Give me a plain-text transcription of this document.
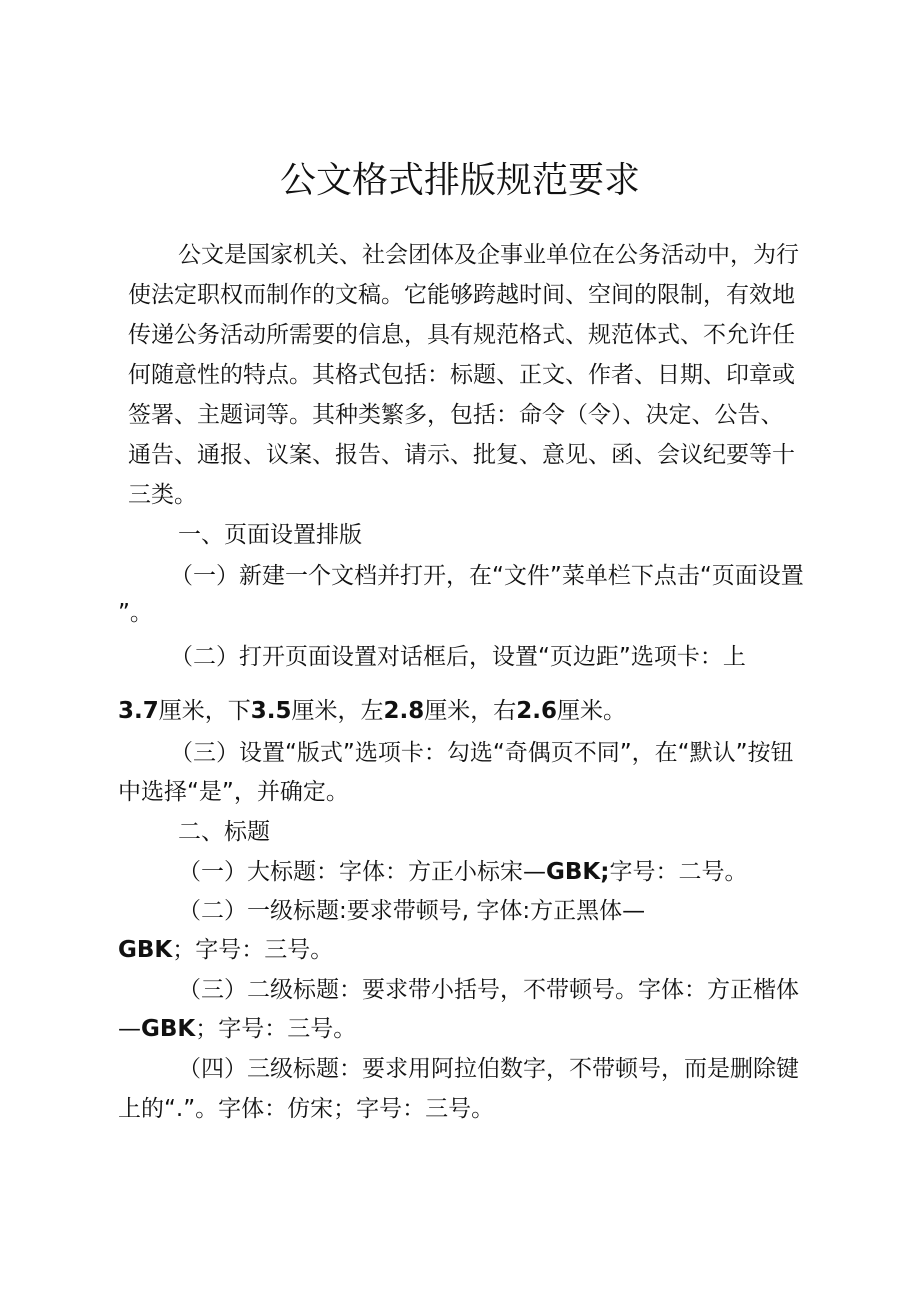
公文格式排版规范要求

公文是国家机关、社会团体及企事业单位在公务活动中，为行

使法定职权而制作的文稿。它能够跨越时间、空间的限制，有效地

传递公务活动所需要的信息，具有规范格式、规范体式、不允许任

何随意性的特点。其格式包括：标题、正文、作者、日期、印章或

签署、主题词等。其种类繁多，包括：命令（令）、决定、公告、

通告、通报、议案、报告、请示、批复、意见、函、会议纪要等十

三类。

一、页面设置排版

（一）新建一个文档并打开，在“文件”菜单栏下点击“页面设置

”。

（二）打开页面设置对话框后，设置“页边距”选项卡：上

3.7厘米，下3.5厘米，左2.8厘米，右2.6厘米。

（三）设置“版式”选项卡：勾选“奇偶页不同”，在“默认”按钮

中选择“是”，并确定。

二、标题

（一）大标题：字体：方正小标宋—GBK;字号：二号。

（二）一级标题:要求带顿号, 字体:方正黑体—

GBK；字号：三号。

（三）二级标题：要求带小括号，不带顿号。字体：方正楷体

—GBK；字号：三号。

（四）三级标题：要求用阿拉伯数字，不带顿号，而是删除键

上的“.”。字体：仿宋；字号：三号。
